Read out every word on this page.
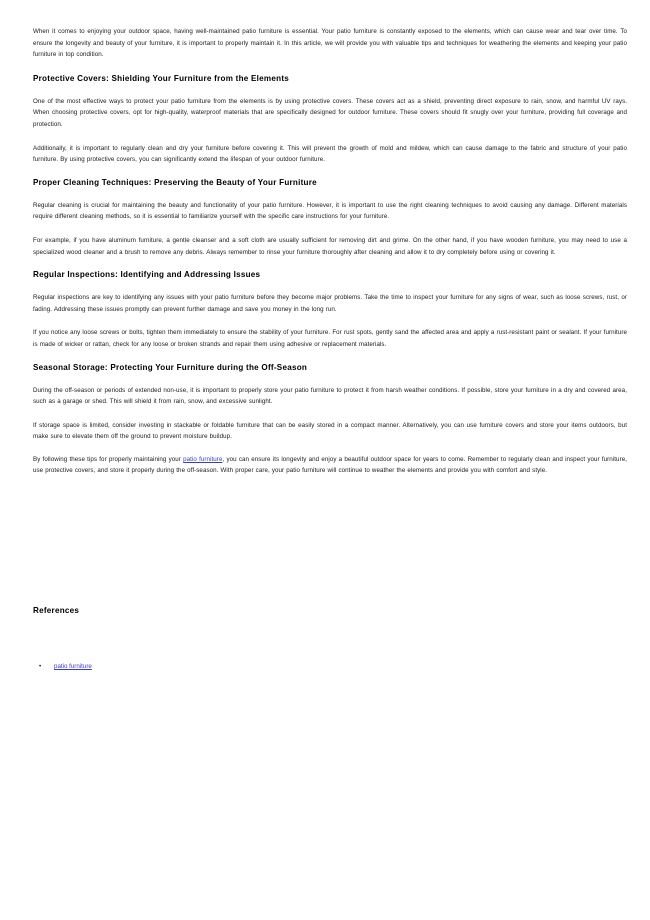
When it comes to enjoying your outdoor space, having well-maintained patio furniture is essential. Your patio furniture is constantly exposed to the elements, which can cause wear and tear over time. To ensure the longevity and beauty of your furniture, it is important to properly maintain it. In this article, we will provide you with valuable tips and techniques for weathering the elements and keeping your patio furniture in top condition.

Protective Covers: Shielding Your Furniture from the Elements

One of the most effective ways to protect your patio furniture from the elements is by using protective covers. These covers act as a shield, preventing direct exposure to rain, snow, and harmful UV rays. When choosing protective covers, opt for high-quality, waterproof materials that are specifically designed for outdoor furniture. These covers should fit snugly over your furniture, providing full coverage and protection.

Additionally, it is important to regularly clean and dry your furniture before covering it. This will prevent the growth of mold and mildew, which can cause damage to the fabric and structure of your patio furniture. By using protective covers, you can significantly extend the lifespan of your outdoor furniture.

Proper Cleaning Techniques: Preserving the Beauty of Your Furniture

Regular cleaning is crucial for maintaining the beauty and functionality of your patio furniture. However, it is important to use the right cleaning techniques to avoid causing any damage. Different materials require different cleaning methods, so it is essential to familiarize yourself with the specific care instructions for your furniture.

For example, if you have aluminum furniture, a gentle cleanser and a soft cloth are usually sufficient for removing dirt and grime. On the other hand, if you have wooden furniture, you may need to use a specialized wood cleaner and a brush to remove any debris. Always remember to rinse your furniture thoroughly after cleaning and allow it to dry completely before using or covering it.

Regular Inspections: Identifying and Addressing Issues

Regular inspections are key to identifying any issues with your patio furniture before they become major problems. Take the time to inspect your furniture for any signs of wear, such as loose screws, rust, or fading. Addressing these issues promptly can prevent further damage and save you money in the long run.

If you notice any loose screws or bolts, tighten them immediately to ensure the stability of your furniture. For rust spots, gently sand the affected area and apply a rust-resistant paint or sealant. If your furniture is made of wicker or rattan, check for any loose or broken strands and repair them using adhesive or replacement materials.

Seasonal Storage: Protecting Your Furniture during the Off-Season

During the off-season or periods of extended non-use, it is important to properly store your patio furniture to protect it from harsh weather conditions. If possible, store your furniture in a dry and covered area, such as a garage or shed. This will shield it from rain, snow, and excessive sunlight.

If storage space is limited, consider investing in stackable or foldable furniture that can be easily stored in a compact manner. Alternatively, you can use furniture covers and store your items outdoors, but make sure to elevate them off the ground to prevent moisture buildup.

By following these tips for properly maintaining your patio furniture, you can ensure its longevity and enjoy a beautiful outdoor space for years to come. Remember to regularly clean and inspect your furniture, use protective covers, and store it properly during the off-season. With proper care, your patio furniture will continue to weather the elements and provide you with comfort and style.

References
• patio furniture
